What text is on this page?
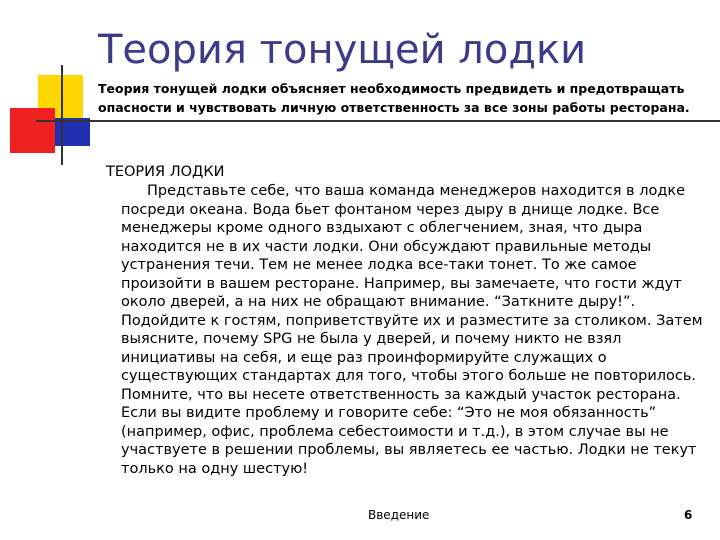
Теория тонущей лодки

Теория тонущей лодки объясняет необходимость предвидеть и предотвращать опасности и чувствовать личную ответственность за все зоны работы ресторана.

ТЕОРИЯ ЛОДКИ

Представьте себе, что ваша команда менеджеров находится в лодке посреди океана. Вода бьет фонтаном через дыру в днище лодке. Все менеджеры кроме одного вздыхают с облегчением, зная, что дыра находится не в их части лодки. Они обсуждают правильные методы устранения течи. Тем не менее лодка все-таки тонет. То же самое произойти в вашем ресторане. Например, вы замечаете, что гости ждут около дверей, а на них не обращают внимание. “Заткните дыру!”. Подойдите к гостям, поприветствуйте их и разместите за столиком. Затем выясните, почему SPG не была у дверей, и почему никто не взял инициативы на себя, и еще раз проинформируйте служащих о существующих стандартах для того, чтобы этого больше не повторилось. Помните, что вы несете ответственность за каждый участок ресторана. Если вы видите проблему и говорите себе: “Это не моя обязанность” (например, офис, проблема себестоимости и т.д.), в этом случае вы не участвуете в решении проблемы, вы являетесь ее частью. Лодки не текут только на одну шестую!

Введение	6
